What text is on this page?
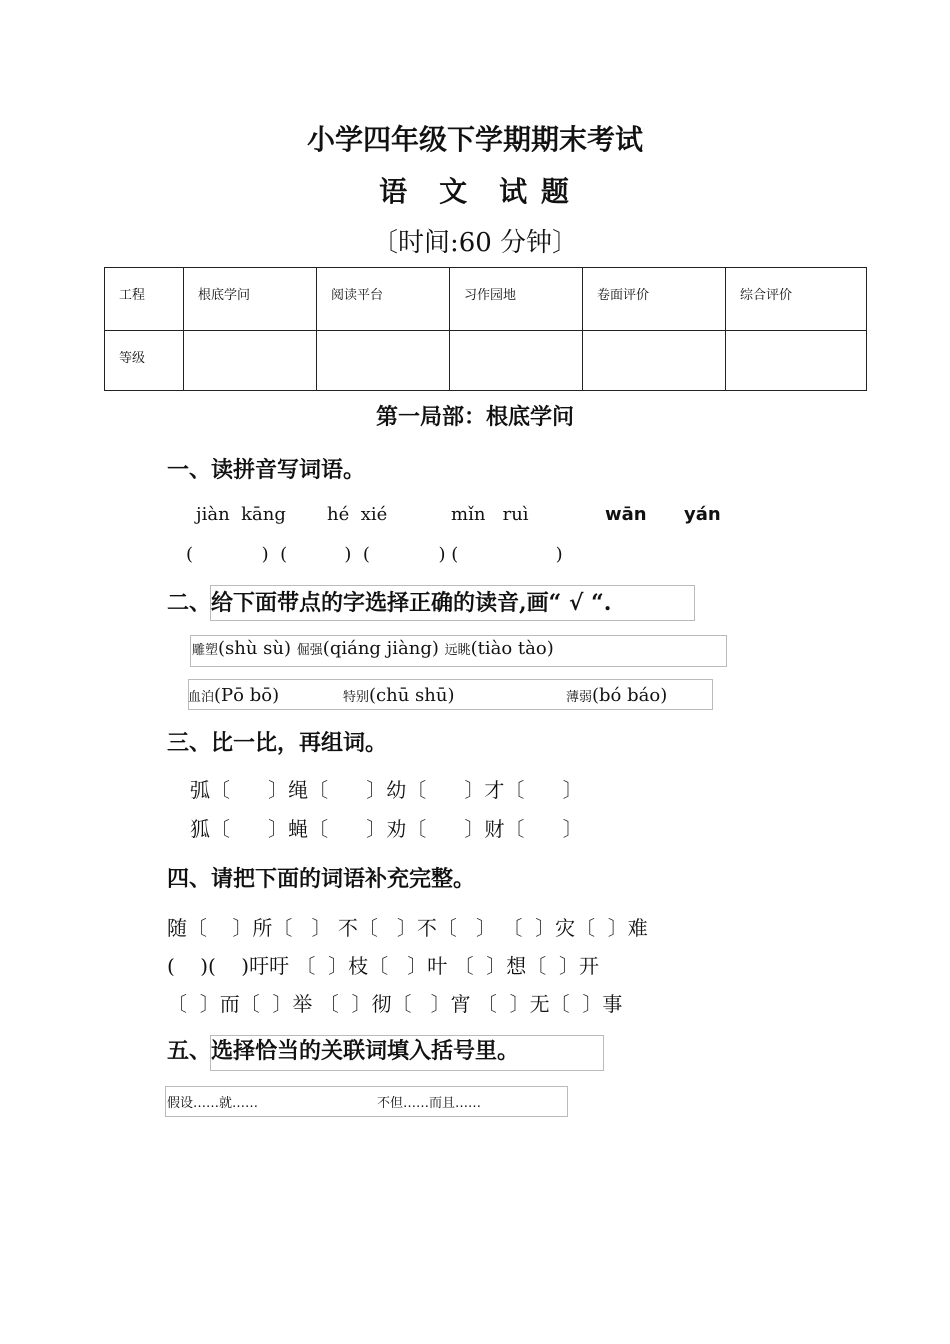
小学四年级下学期期末考试
语　文　试 题
〔时间:60 分钟〕
工程	根底学问	阅读平台	习作园地	卷面评价	综合评价
等级					
第一局部：根底学问
一、读拼音写词语。
jiàn  kāng hé  xié	mǐn   ruì	wān yán
(            )  (          )  (            ) (                 )
二、给下面带点的字选择正确的读音,画“ √ “.
雕塑(shù sù) 倔强(qiáng jiàng) 远眺(tiào tào)
血泊(Pō bō)	特别(chū shū)	薄弱(bó báo)
三、比一比，再组词。
弧〔      〕绳〔      〕幼〔      〕才〔      〕
狐〔      〕蝇〔      〕劝〔      〕财〔      〕
四、请把下面的词语补充完整。
随〔    〕所〔   〕 不〔   〕不〔   〕 〔  〕灾〔  〕难
(    )(    )吁吁 〔  〕枝〔   〕叶 〔  〕想〔  〕开
〔  〕而〔  〕举 〔  〕彻〔   〕宵 〔  〕无〔  〕事
五、选择恰当的关联词填入括号里。
假设……就……	不但……而且……
